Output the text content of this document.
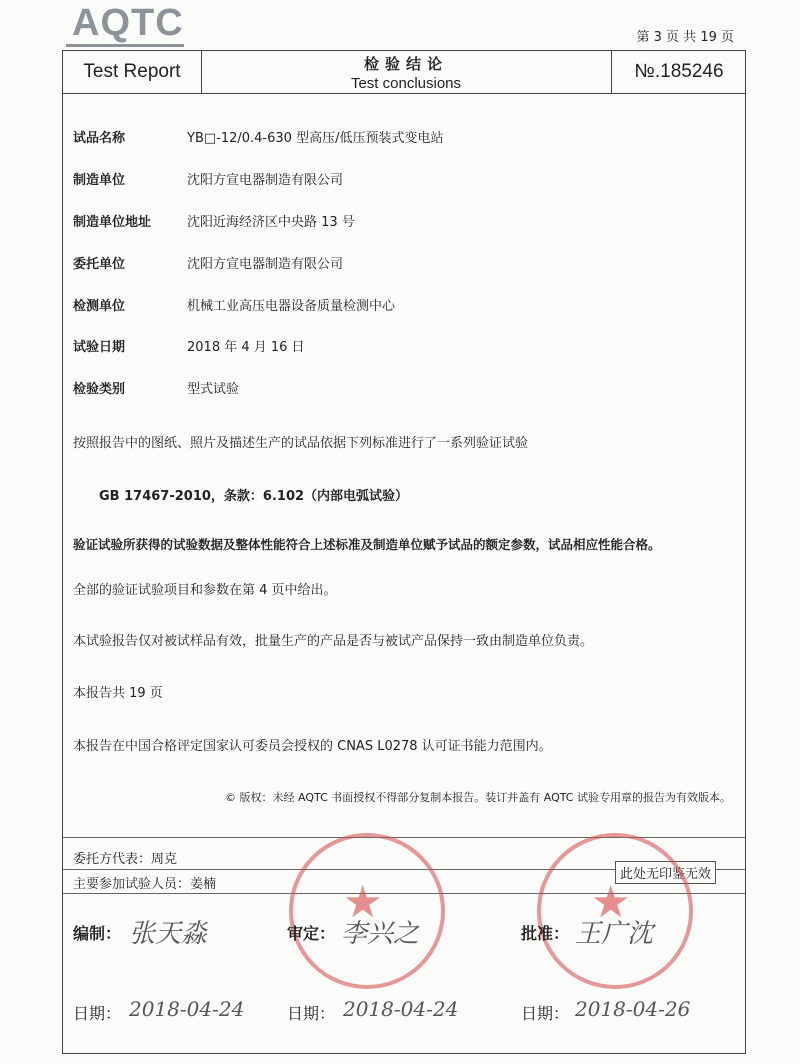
AQTC	第 3 页 共 19 页
Test Report	检验结论
Test conclusions
№.185246
试品名称	YB□-12/0.4-630 型高压/低压预装式变电站
制造单位	沈阳方宣电器制造有限公司
制造单位地址	沈阳近海经济区中央路 13 号
委托单位	沈阳方宣电器制造有限公司
检测单位	机械工业高压电器设备质量检测中心
试验日期	2018 年 4 月 16 日
检验类别	型式试验
按照报告中的图纸、照片及描述生产的试品依据下列标准进行了一系列验证试验
GB 17467-2010，条款：6.102（内部电弧试验）
验证试验所获得的试验数据及整体性能符合上述标准及制造单位赋予试品的额定参数，试品相应性能合格。
全部的验证试验项目和参数在第 4 页中给出。
本试验报告仅对被试样品有效，批量生产的产品是否与被试产品保持一致由制造单位负责。
本报告共 19 页
本报告在中国合格评定国家认可委员会授权的 CNAS L0278 认可证书能力范围内。
© 版权：未经 AQTC 书面授权不得部分复制本报告。装订并盖有 AQTC 试验专用章的报告为有效版本。
委托方代表：周克
主要参加试验人员：姜楠
此处无印鉴无效
★	★
编制： 张天淼	审定： 李兴之	批准： 王广沈
日期： 2018-04-24	日期： 2018-04-24	日期： 2018-04-26
